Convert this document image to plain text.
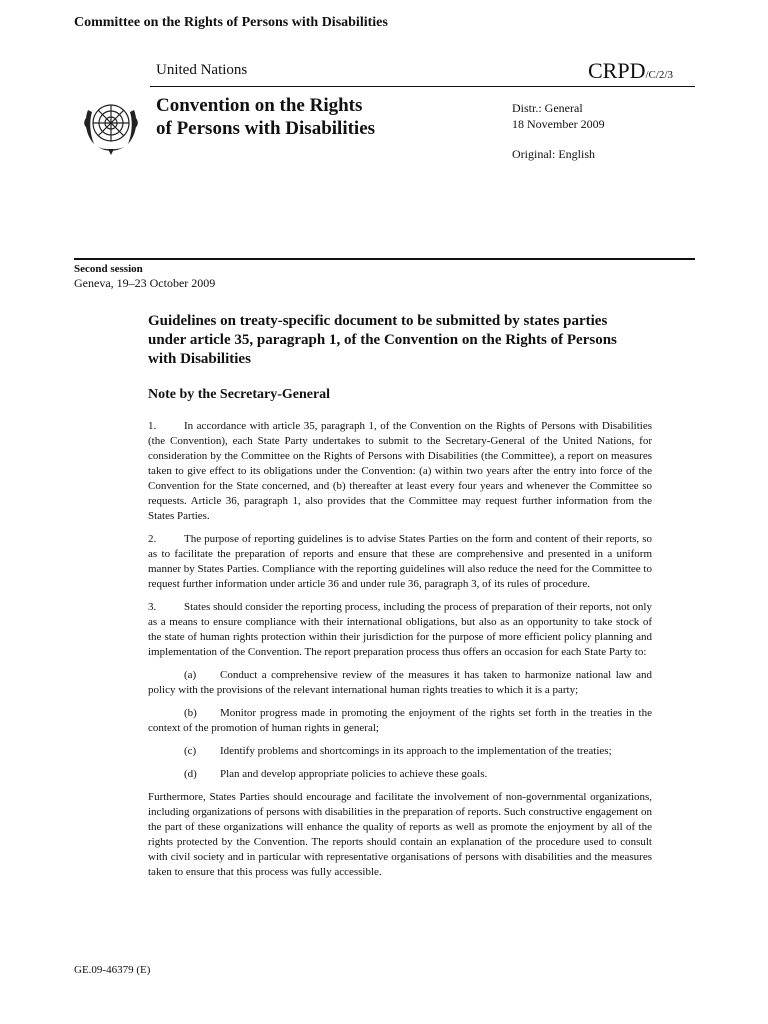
Committee on the Rights of Persons with Disabilities
United Nations	CRPD/C/2/3
Convention on the Rights
of Persons with Disabilities
Distr.: General
18 November 2009
Original: English
Second session
Geneva, 19–23 October 2009
Guidelines on treaty-specific document to be submitted by states parties under article 35, paragraph 1, of the Convention on the Rights of Persons with Disabilities
Note by the Secretary-General

1.	In accordance with article 35, paragraph 1, of the Convention on the Rights of Persons with Disabilities (the Convention), each State Party undertakes to submit to the Secretary-General of the United Nations, for consideration by the Committee on the Rights of Persons with Disabilities (the Committee), a report on measures taken to give effect to its obligations under the Convention: (a) within two years after the entry into force of the Convention for the State concerned, and (b) thereafter at least every four years and whenever the Committee so requests. Article 36, paragraph 1, also provides that the Committee may request further information from the States Parties.

2.	The purpose of reporting guidelines is to advise States Parties on the form and content of their reports, so as to facilitate the preparation of reports and ensure that these are comprehensive and presented in a uniform manner by States Parties. Compliance with the reporting guidelines will also reduce the need for the Committee to request further information under article 36 and under rule 36, paragraph 3, of its rules of procedure.

3.	States should consider the reporting process, including the process of preparation of their reports, not only as a means to ensure compliance with their international obligations, but also as an opportunity to take stock of the state of human rights protection within their jurisdiction for the purpose of more efficient policy planning and implementation of the Convention. The report preparation process thus offers an occasion for each State Party to:

(a) Conduct a comprehensive review of the measures it has taken to harmonize national law and policy with the provisions of the relevant international human rights treaties to which it is a party;

(b) Monitor progress made in promoting the enjoyment of the rights set forth in the treaties in the context of the promotion of human rights in general;

(c) Identify problems and shortcomings in its approach to the implementation of the treaties;

(d) Plan and develop appropriate policies to achieve these goals.

Furthermore, States Parties should encourage and facilitate the involvement of non-governmental organizations, including organizations of persons with disabilities in the preparation of reports. Such constructive engagement on the part of these organizations will enhance the quality of reports as well as promote the enjoyment by all of the rights protected by the Convention. The reports should contain an explanation of the procedure used to consult with civil society and in particular with representative organisations of persons with disabilities and the measures taken to ensure that this process was fully accessible.

GE.09-46379 (E)
